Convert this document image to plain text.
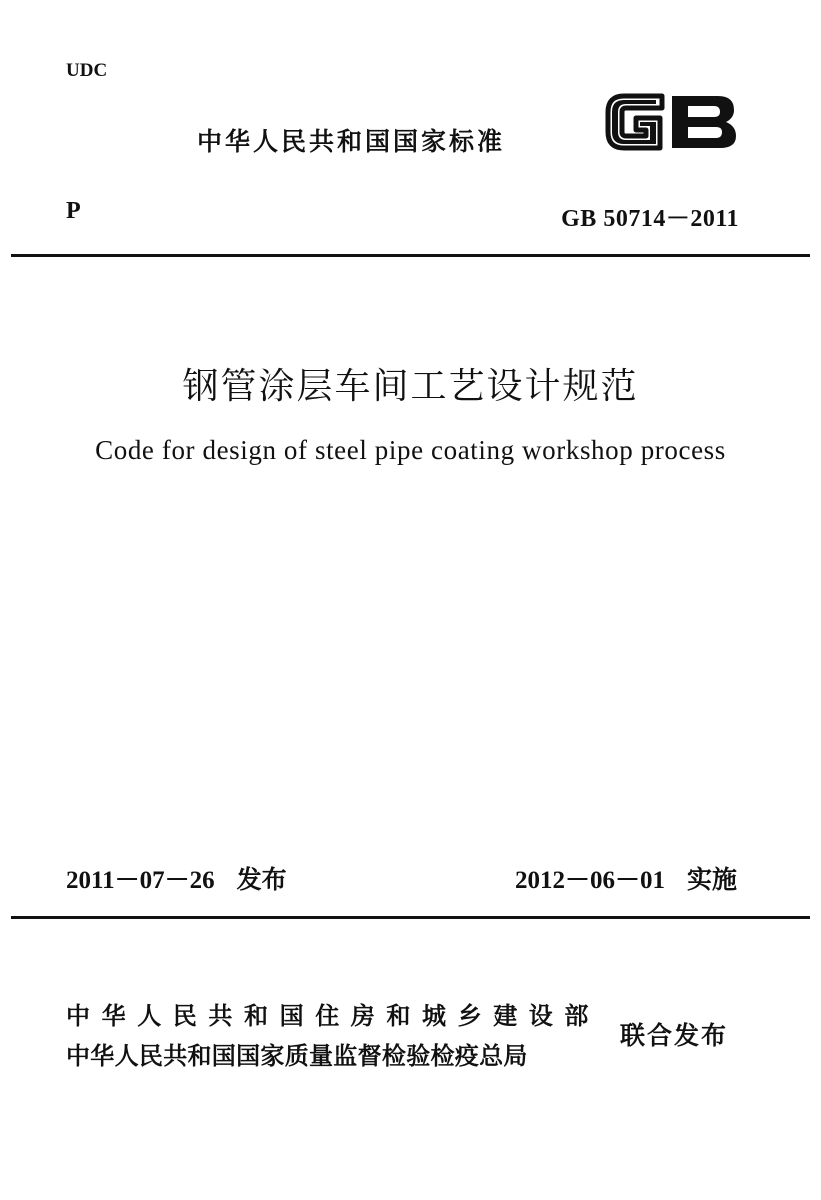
UDC
中华人民共和国国家标准
GB
P	GB 50714－2011
钢管涂层车间工艺设计规范
Code for design of steel pipe coating workshop process
2011－07－26 发布	2012－06－01 实施
中华人民共和国住房和城乡建设部
中华人民共和国国家质量监督检验检疫总局
联合发布
